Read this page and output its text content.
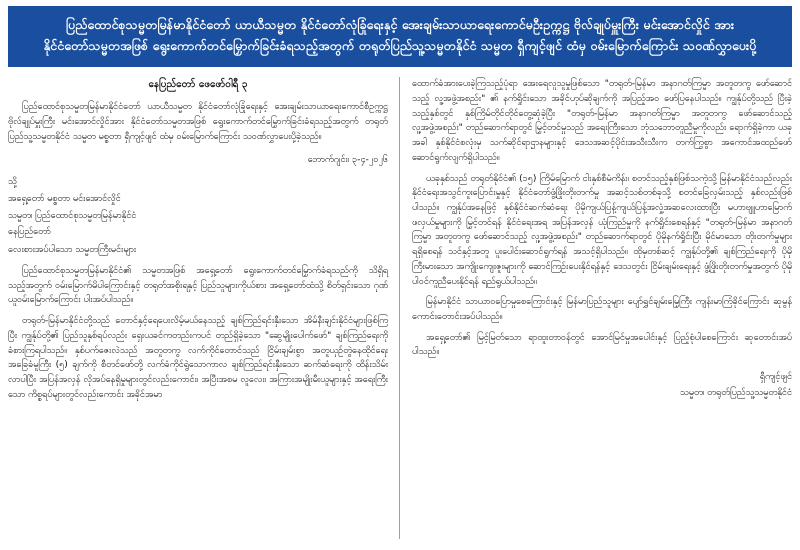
ပြည်ထောင်စုသမ္မတမြန်မာနိုင်ငံတော် ယာယီသမ္မတ နိုင်ငံတော်လုံခြုံရေးနှင့် အေးချမ်းသာယာရေးကောင်မဦးဥက္ကဋ္ဌ ဗိုလ်ချုပ်မှူးကြီး မင်းအောင်လှိုင် အား
နိုင်ငံတော်သမ္မတအဖြစ် ရွေးကောက်တင်မြှောက်ခြင်းခံရသည့်အတွက် တရုတ်ပြည်သူ့သမ္မတနိုင်ငံ သမ္မတ ရှီကျင့်ဖျင် ထံမှ ဝမ်းမြောက်ကြောင်း သဝဏ်လွှာပေးပို့
နေပြည်တော် ဖေဖော်ဝါရီ ၃

ပြည်ထောင်စုသမ္မတမြန်မာနိုင်ငံတော် ယာယီသမ္မတ နိုင်ငံတော်လုံခြုံရေးနှင့် အေးချမ်းသာယာရေးကောင်စီဥက္ကဋ္ဌ ဗိုလ်ချုပ်မှူးကြီး မင်းအောင်လှိုင်အား နိုင်ငံတော်သမ္မတအဖြစ် ရွေးကောက်တင်မြှောက်ခြင်းခံရသည့်အတွက် တရုတ်ပြည်သူ့သမ္မတနိုင်ငံ သမ္မတ မစ္စတာ ရှီကျင့်ဖျင် ထံမှ ဝမ်းမြောက်ကြောင်း သဝဏ်လွှာပေးပို့ခဲ့သည်။

ဘောက်ဂျင်း၊ ၃-၄-၂၀၂၆

သို့

အရှေ့တော် မစ္စတာ မင်းအောင်လှိုင်

သမ္မတ၊ ပြည်ထောင်စုသမ္မတမြန်မာနိုင်ငံ

နေပြည်တော်

လေးစားအပ်ပါသော သမ္မတကြီးမင်းများ

ပြည်ထောင်စုသမ္မတမြန်မာနိုင်ငံ၏ သမ္မတအဖြစ် အရှေ့တော် ရွေးကောက်တင်မြှောက်ခံရသည်ကို သိရှိရသည့်အတွက် ဝမ်းမြောက်မိပါကြောင်းနှင့် တရုတ်အစိုးရနှင့် ပြည်သူများကိုယ်စား အရှေ့တော်ထံသို့ စိတ်ရှင်းသော ဂုဏ်ယူဝမ်းမြောက်ကြောင်း ပါးအပ်ပါသည်။

တရုတ်-မြန်မာနိုင်ငံတို့သည် တောင်နှင့်ရေပေးလိမ့်မယ်နေသည့် ချစ်ကြည်ရင်းနှီးသော အိမ်နီးချင်းနိုင်ငံများဖြစ်ကြပြီး ကျွန်ုပ်တို့၏ ပြည်သူနှစ်ရပ်လည်း ရှေးယခင်ကတည်းကပင် တည်ရှိခဲ့သော "ဆွေမျိုးပေါက်ဖော်" ချစ်ကြည်ရေးကို ခံစားကြရပါသည်။ နှစ်ပက်ဇေးလဲသည် အတူတကွ လက်ကိုင်တောင်သည် ငြိမ်းချမ်းစွာ အတူယှဉ်တွဲနေထိုင်ရေး အခြေခံမူကြီး (၅) ချက်ကို စီတင်ဖော်တို့ လက်ခံကိုင်ရွဲသောကာလ ချစ်ကြည်ရင်းနှီးသော ဆက်ဆံရေးကို ထိန်းသိမ်းလာပါပြီး အပြန်အလှန် လိုအပ်နေရှိမှုများတွင်လည်းကောင်း၊ အပြီးအစမ လူလေး၊ အကြားအမျိုးမီးယူများနှင့် အရေးကြီးသော ကိစ္စရပ်များတွင်လည်းကောင်း အခိုင်အမာ

ထောက်ခံအားပေးခဲ့ကြသည့်ပုံရာ အေးရေလူသူမှုဖြစ်သော "တရုတ်-မြန်မာ အနာဂတ်ကြမ္မာ အတူတကွ ဖော်ဆောင်သည့် လူ့အဖွဲ့အစည်း" ၏ နက်ရှိုင်းသော အခိုင်ဟုပ်ဆိုချက်ကို အပြည့်အဝ ဖော်ပြနေပါသည်။ ကျွန်ုပ်တို့သည် ပြီးခဲ့သည့်နှစ်တွင် နှစ်ကြိမ်တိုင်တိုင်တွေ့ဆုံခဲ့ပြီး "တရုတ်-မြန်မာ အနာဂတ်ကြမ္မာ အတူတကွ ဖော်ဆောင်သည့် လူ့အဖွဲ့အစည်း" တည်ဆောက်ရာတွင် မြှင့်တင်မှုသည် အရေးကြီးသော ဘုံသဘောတူညီမှုကိုလည်း ရောက်ရှိခဲ့ကာ ယခုအခါ နှစ်နိုင်ငံစလုံးမှ သက်ဆိုင်ရာဌာနများနှင့် ဒေသအဆင့်ပိုင်းအသီးသီးက တက်ကြွစွာ အကောင်အထည်ဖော် ဆောင်ရွက်လျက်ရှိပါသည်။

ယခုနှစ်သည် တရုတ်နိုင်ငံ၏ (၁၅) ကြိမ်မြောက် ငါးနှစ်စီမံကိန်း၊ စတင်သည့်နှစ်ဖြစ်သကဲ့သို့ မြန်မာနိုင်ငံသည်လည်း နိုင်ငံရေးအသွင်ကူးပြောင်းမှုနှင့် နိုင်ငံတော်ဖွံ့ဖြိုးတိုးတက်မှု အဆင့်သစ်တစ်ခုသို့ စတင်ခြေလှမ်းသည့် နှစ်လည်းဖြစ်ပါသည်။ ကျွန်ုပ်အနေဖြင့် နှစ်နိုင်ငံဆက်ဆံရေး ပိုမိုကျယ်ပြန့်ကျယ်ပြန့်အလှုံ့အဆလေးထားပြီး မဟာဗျူဟာမြောက် ဖလှယ်မှုများကို မြှင့်တင်ရန် နိုင်ငံရေးအရ အပြန်အလှန် ယုံကြည်မှုကို နက်ရှိုင်းစေရန်နှင့် "တရုတ်-မြန်မာ အနာဂတ်ကြမ္မာ အတူတကွ ဖော်ဆောင်သည့် လူ့အဖွဲ့အစည်း" တည်ဆောက်ရာတွင် ပိုမိုနက်ရှိုင်းပြီး မိုင်မာသော တိုးတက်မှုများရရှိစေရန် သင်နှင့်အတူ ပူးပေါင်းဆောင်ရွက်ရန် အသင့်ရှိပါသည်။ ထိုမှတစ်ဆင့် ကျွန်ုပ်တို့၏ ချစ်ကြည်ရေးကို ပိုမိုကြီးမားသော အကျိုးကျေးဇူးများကို ဆောင်ကြဉ်းပေးနိုင်ရန်နှင့် ဒေသတွင်း ငြိမ်းချမ်းရေးနှင့် ဖွံ့ဖြိုးတိုးတက်မှုအတွက် ပိုမိုပါဝင်ကူညီပေးနိုင်ရန် ရည်ရွယ်ပါသည်။

မြန်မာနိုင်ငံ သာယာဝပြောမှုစေကြောင်းနှင့် မြန်မာပြည်သူများ ပျော်ရွှင်ချမ်းမြေ့ကြီး ကျန်းမာကြံခိုင်ကြောင်း ဆုမွန်ကောင်းတောင်းအပ်ပါသည်။

အရှေ့တော်၏ မြင့်မြတ်သော ရာထူးတာဝန်တွင် အောင်မြင်မှုအပေါင်းနှင့် ပြည့်စုံပါစေကြောင်း ဆုတောင်းအပ်ပါသည်။

ရှီကျင့်ဖျင်
သမ္မတ၊ တရုတ်ပြည်သူ့သမ္မတနိုင်ငံ
